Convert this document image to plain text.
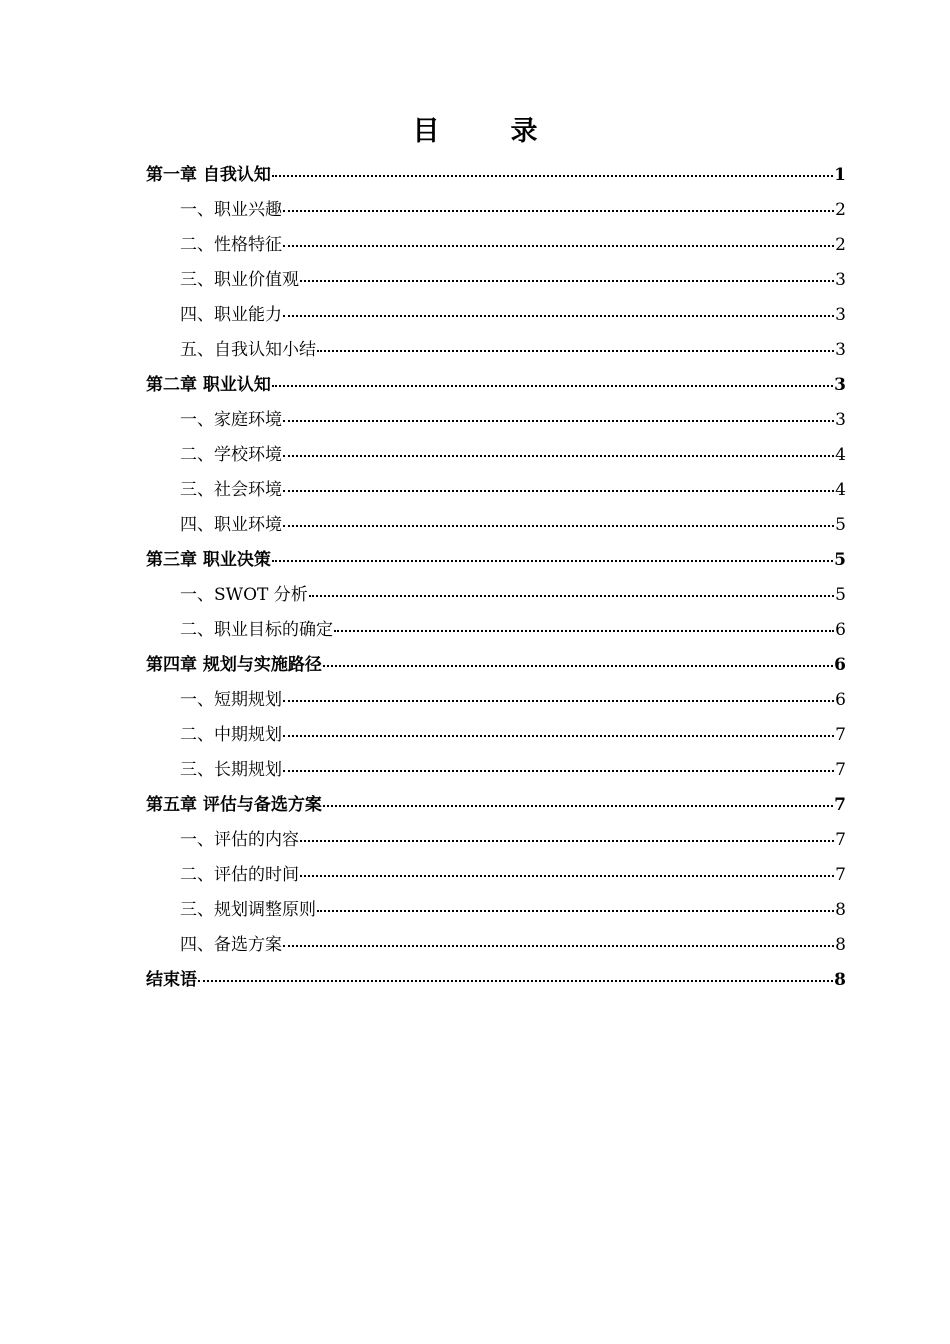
目　录
第一章 自我认知	1
一、职业兴趣	2
二、性格特征	2
三、职业价值观	3
四、职业能力	3
五、自我认知小结	3
第二章 职业认知	3
一、家庭环境	3
二、学校环境	4
三、社会环境	4
四、职业环境	5
第三章 职业决策	5
一、SWOT 分析	5
二、职业目标的确定	6
第四章 规划与实施路径	6
一、短期规划	6
二、中期规划	7
三、长期规划	7
第五章 评估与备选方案	7
一、评估的内容	7
二、评估的时间	7
三、规划调整原则	8
四、备选方案	8
结束语	8
